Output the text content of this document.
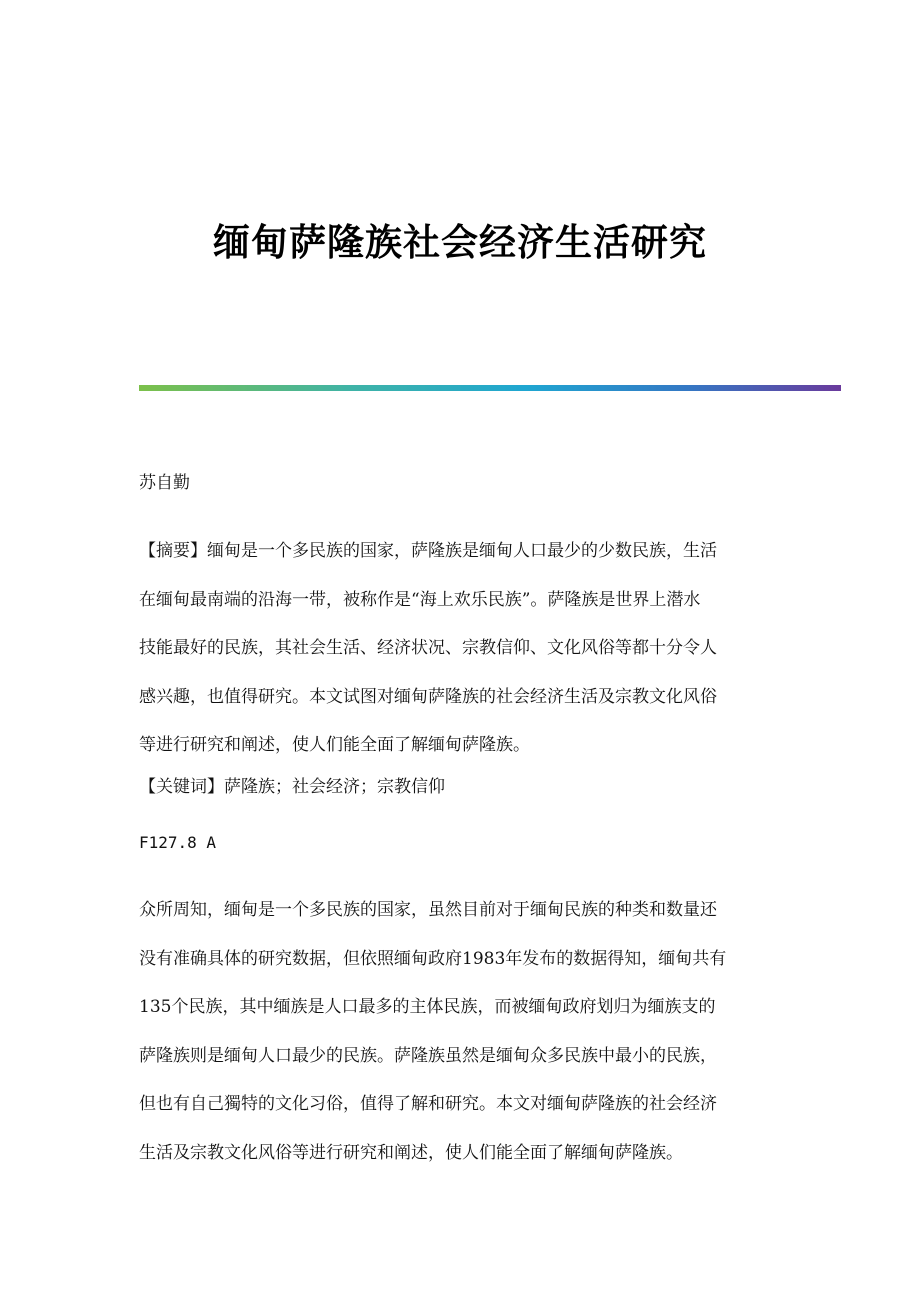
缅甸萨隆族社会经济生活研究
苏自勤
【摘要】缅甸是一个多民族的国家，萨隆族是缅甸人口最少的少数民族，生活
在缅甸最南端的沿海一带，被称作是“海上欢乐民族”。萨隆族是世界上潜水
技能最好的民族，其社会生活、经济状况、宗教信仰、文化风俗等都十分令人
感兴趣，也值得研究。本文试图对缅甸萨隆族的社会经济生活及宗教文化风俗
等进行研究和阐述，使人们能全面了解缅甸萨隆族。
【关键词】萨隆族；社会经济；宗教信仰
F127.8 A
众所周知，缅甸是一个多民族的国家，虽然目前对于缅甸民族的种类和数量还
没有准确具体的研究数据，但依照缅甸政府1983年发布的数据得知，缅甸共有
135个民族，其中缅族是人口最多的主体民族，而被缅甸政府划归为缅族支的
萨隆族则是缅甸人口最少的民族。萨隆族虽然是缅甸众多民族中最小的民族，
但也有自己獨特的文化习俗，值得了解和研究。本文对缅甸萨隆族的社会经济
生活及宗教文化风俗等进行研究和阐述，使人们能全面了解缅甸萨隆族。
